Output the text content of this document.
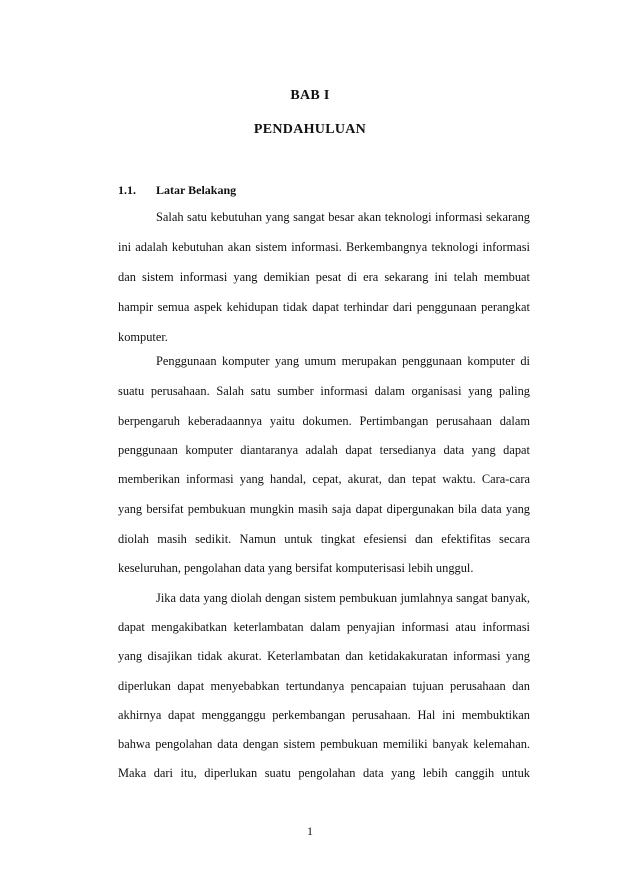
BAB I
PENDAHULUAN
1.1. Latar Belakang
Salah satu kebutuhan yang sangat besar akan teknologi informasi sekarang
ini adalah kebutuhan akan sistem informasi. Berkembangnya teknologi informasi
dan sistem informasi yang demikian pesat di era sekarang ini telah membuat
hampir semua aspek kehidupan tidak dapat terhindar dari penggunaan perangkat
komputer.
Penggunaan komputer yang umum merupakan penggunaan komputer di
suatu perusahaan. Salah satu sumber informasi dalam organisasi yang paling
berpengaruh keberadaannya yaitu dokumen. Pertimbangan perusahaan dalam
penggunaan komputer diantaranya adalah dapat tersedianya data yang dapat
memberikan informasi yang handal, cepat, akurat, dan tepat waktu. Cara-cara
yang bersifat pembukuan mungkin masih saja dapat dipergunakan bila data yang
diolah masih sedikit. Namun untuk tingkat efesiensi dan efektifitas secara
keseluruhan, pengolahan data yang bersifat komputerisasi lebih unggul.
Jika data yang diolah dengan sistem pembukuan jumlahnya sangat banyak,
dapat mengakibatkan keterlambatan dalam penyajian informasi atau informasi
yang disajikan tidak akurat. Keterlambatan dan ketidakakuratan informasi yang
diperlukan dapat menyebabkan tertundanya pencapaian tujuan perusahaan dan
akhirnya dapat mengganggu perkembangan perusahaan. Hal ini membuktikan
bahwa pengolahan data dengan sistem pembukuan memiliki banyak kelemahan.
Maka dari itu, diperlukan suatu pengolahan data yang lebih canggih untuk
1
